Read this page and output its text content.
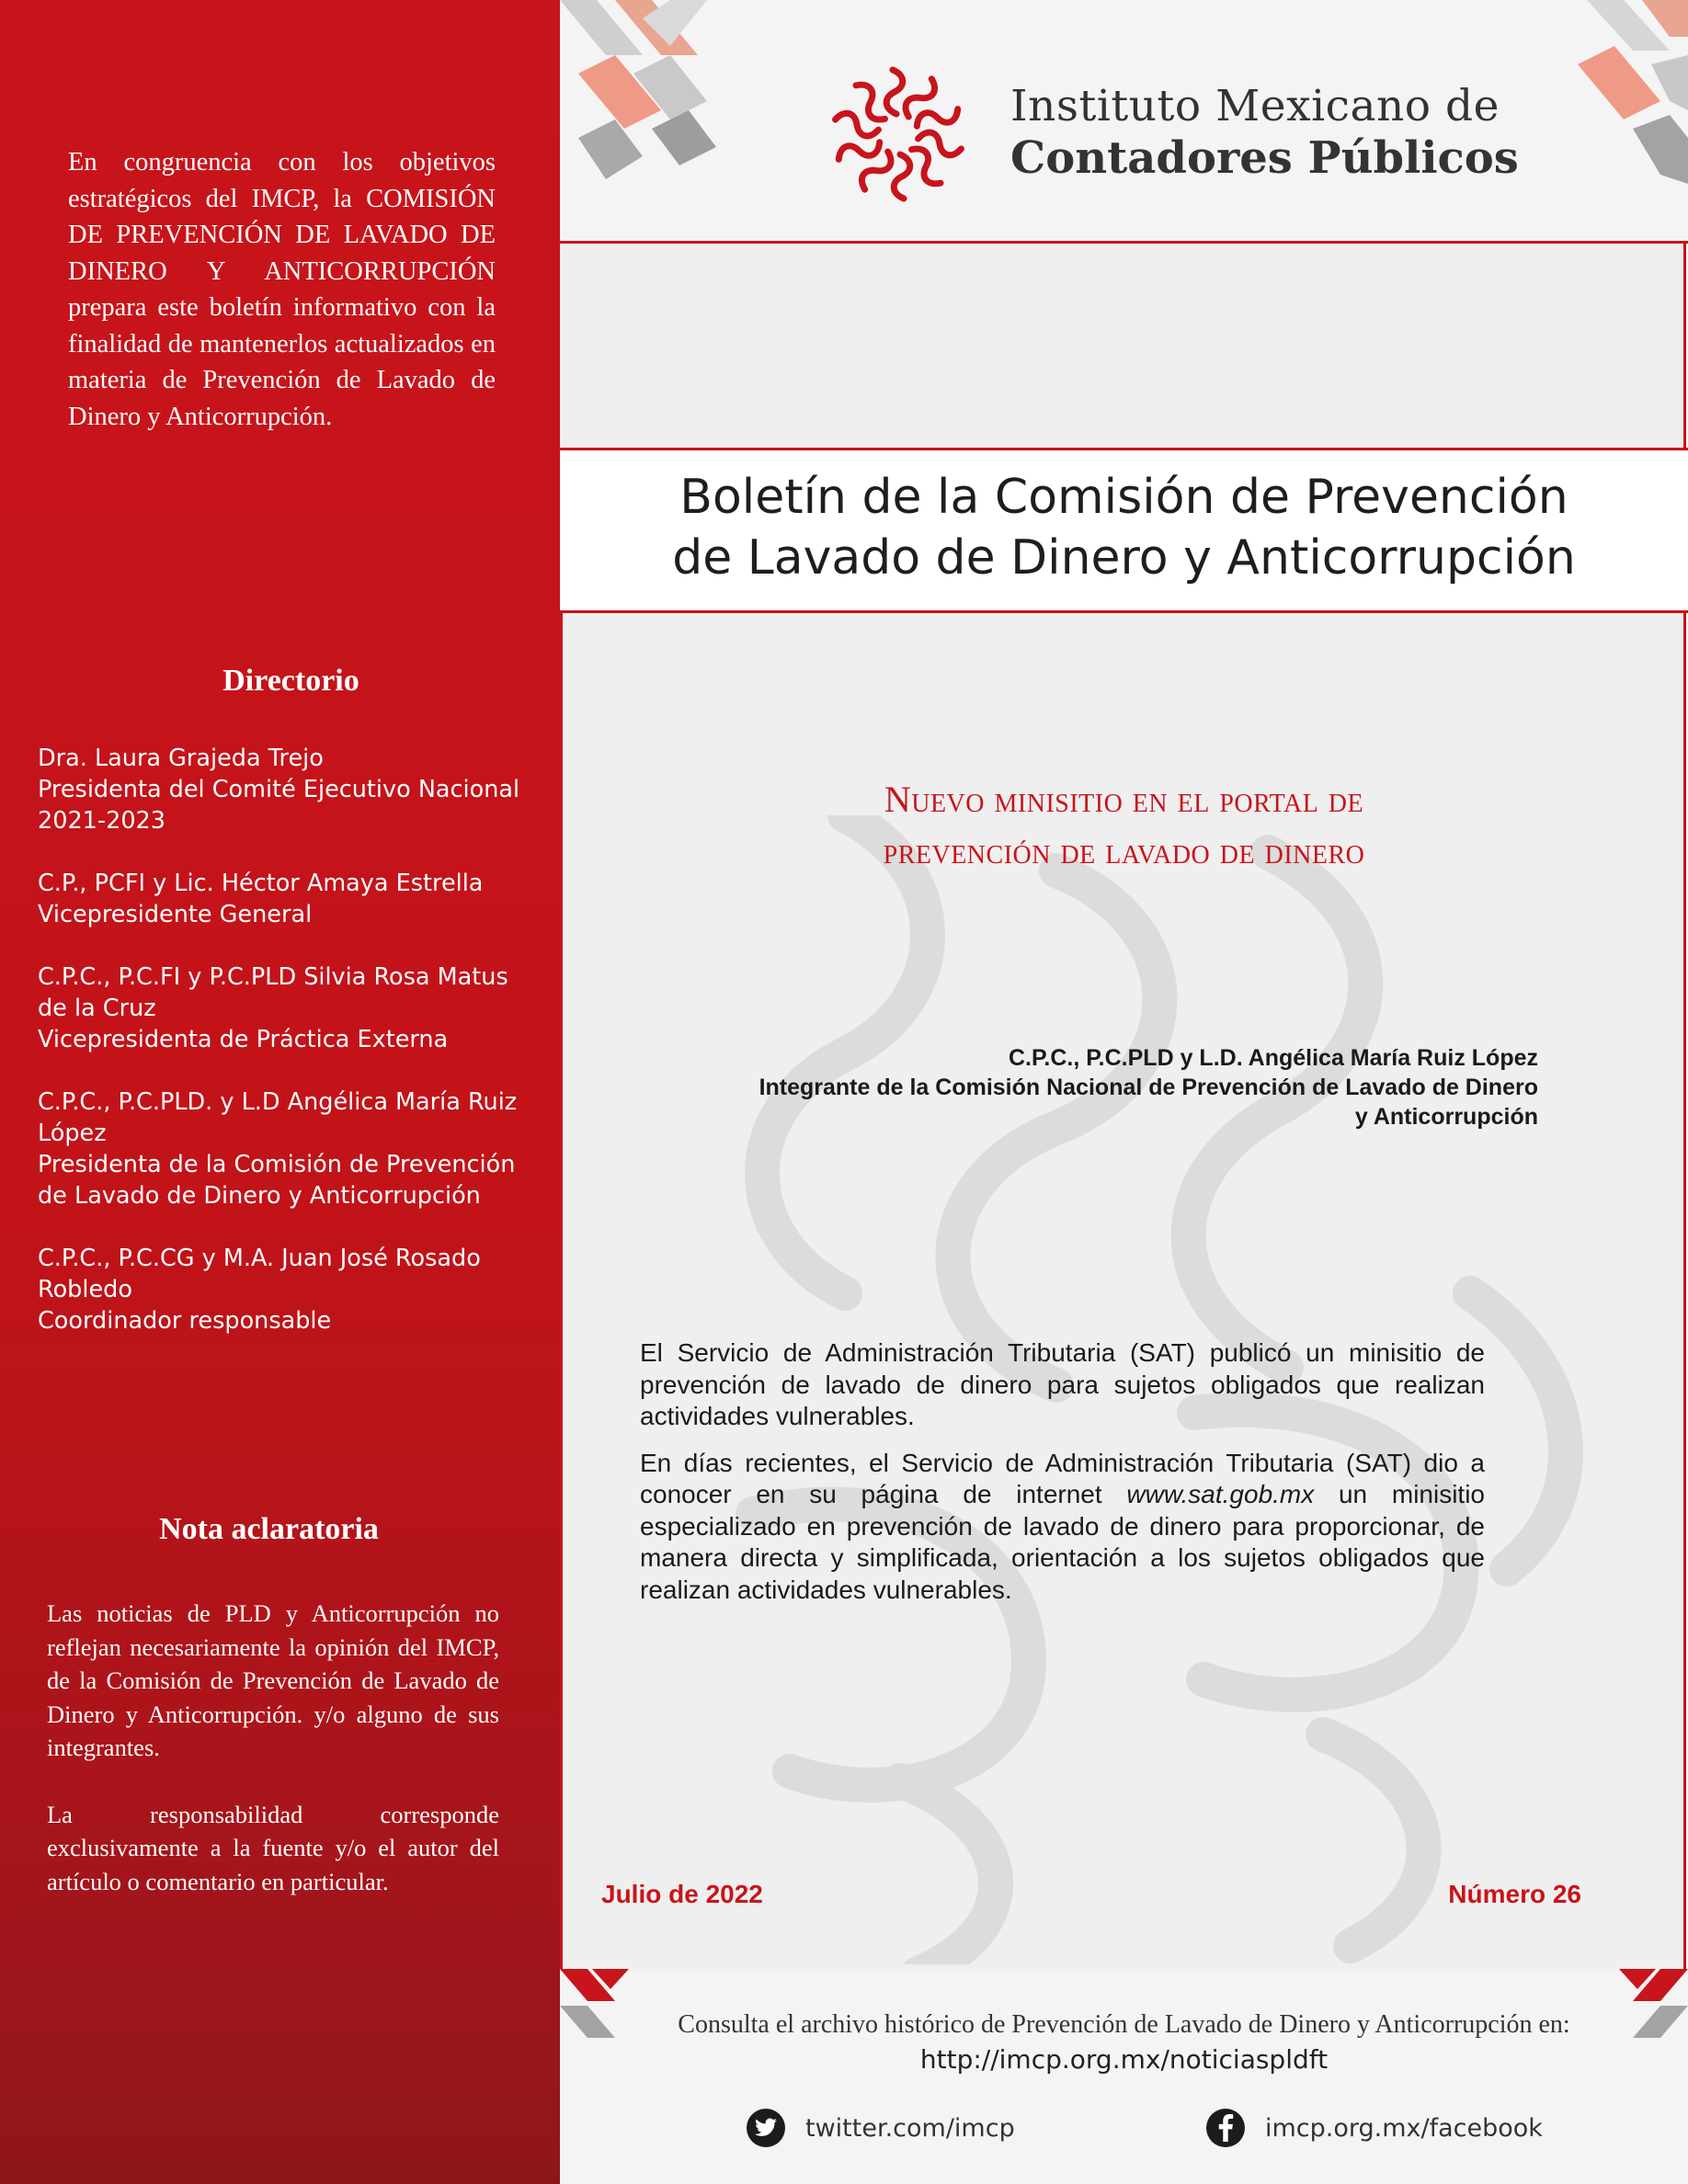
En congruencia con los objetivos estratégicos del IMCP, la COMISIÓN DE PREVENCIÓN DE LAVADO DE DINERO Y ANTICORRUPCIÓN prepara este boletín informativo con la finalidad de mantenerlos actualizados en materia de Prevención de Lavado de Dinero y Anticorrupción.

Directorio
Dra. Laura Grajeda Trejo
Presidenta del Comité Ejecutivo Nacional 2021-2023
C.P., PCFI y Lic. Héctor Amaya Estrella
Vicepresidente General
C.P.C., P.C.FI y P.C.PLD Silvia Rosa Matus de la Cruz
Vicepresidenta de Práctica Externa
C.P.C., P.C.PLD. y L.D Angélica María Ruiz López
Presidenta de la Comisión de Prevención de Lavado de Dinero y Anticorrupción
C.P.C., P.C.CG y M.A. Juan José Rosado Robledo
Coordinador responsable
Nota aclaratoria

Las noticias de PLD y Anticorrupción no reflejan necesariamente la opinión del IMCP, de la Comisión de Prevención de Lavado de Dinero y Anticorrupción. y/o alguno de sus integrantes.

La responsabilidad corresponde exclusivamente a la fuente y/o el autor del artículo o comentario en particular.

Instituto Mexicano de
Contadores Públicos
Boletín de la Comisión de Prevención
de Lavado de Dinero y Anticorrupción
Nuevo minisitio en el portal de
prevención de lavado de dinero
C.P.C., P.C.PLD y L.D. Angélica María Ruiz López
Integrante de la Comisión Nacional de Prevención de Lavado de Dinero
y Anticorrupción

El Servicio de Administración Tributaria (SAT) publicó un minisitio de prevención de lavado de dinero para sujetos obligados que realizan actividades vulnerables.

En días recientes, el Servicio de Administración Tributaria (SAT) dio a conocer en su página de internet www.sat.gob.mx un minisitio especializado en prevención de lavado de dinero para proporcionar, de manera directa y simplificada, orientación a los sujetos obligados que realizan actividades vulnerables.

Julio de 2022	Número 26
Consulta el archivo histórico de Prevención de Lavado de Dinero y Anticorrupción en:
http://imcp.org.mx/noticiaspldft
twitter.com/imcp	imcp.org.mx/facebook
